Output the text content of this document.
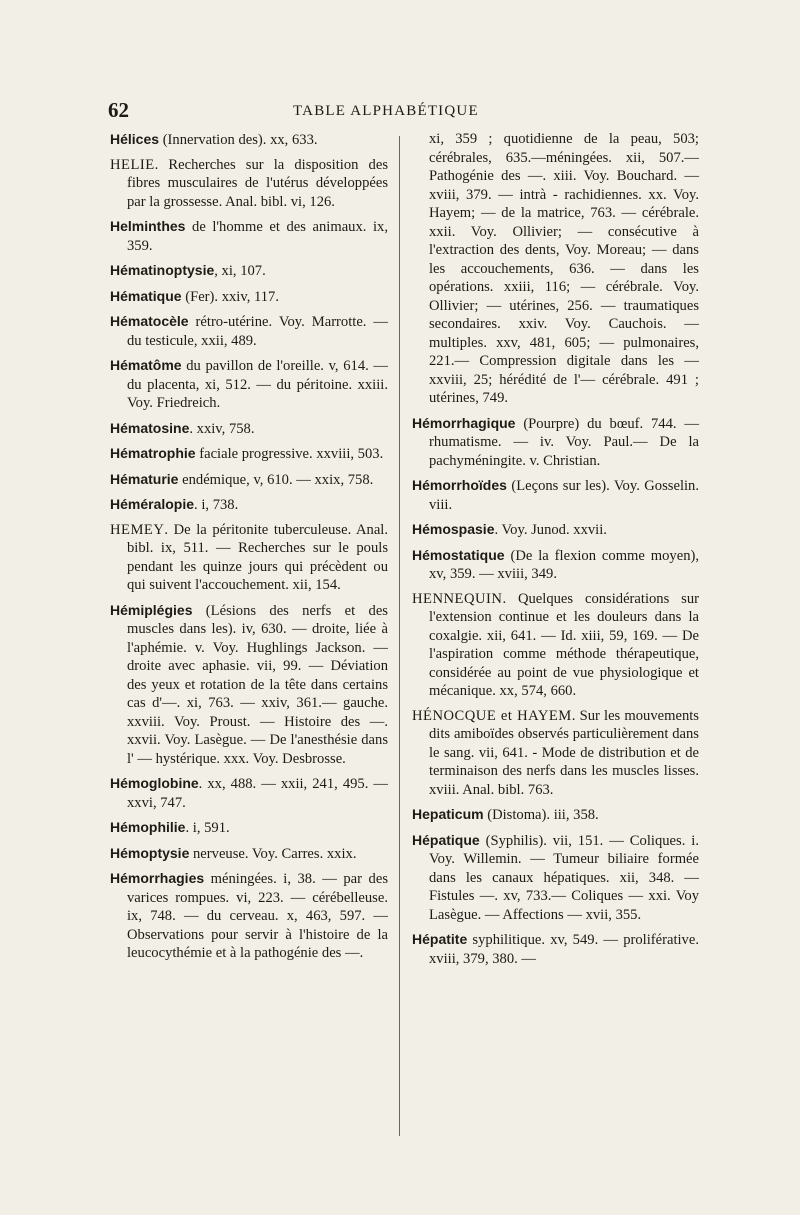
62	TABLE ALPHABÉTIQUE

Hélices (Innervation des). xx, 633.

HELIE. Recherches sur la disposition des fibres musculaires de l'utérus développées par la grossesse. Anal. bibl. vi, 126.

Helminthes de l'homme et des animaux. ix, 359.

Hématinoptysie, xi, 107.

Hématique (Fer). xxiv, 117.

Hématocèle rétro-utérine. Voy. Marrotte. — du testicule, xxii, 489.

Hématôme du pavillon de l'oreille. v, 614. — du placenta, xi, 512. — du péritoine. xxiii. Voy. Friedreich.

Hématosine. xxiv, 758.

Hématrophie faciale progressive. xxviii, 503.

Hématurie endémique, v, 610. — xxix, 758.

Héméralopie. i, 738.

HEMEY. De la péritonite tuberculeuse. Anal. bibl. ix, 511. — Recherches sur le pouls pendant les quinze jours qui précèdent ou qui suivent l'accouchement. xii, 154.

Hémiplégies (Lésions des nerfs et des muscles dans les). iv, 630. — droite, liée à l'aphémie. v. Voy. Hughlings Jackson. — droite avec aphasie. vii, 99. — Déviation des yeux et rotation de la tête dans certains cas d'—. xi, 763. — xxiv, 361.— gauche. xxviii. Voy. Proust. — Histoire des —. xxvii. Voy. Lasègue. — De l'anesthésie dans l' — hystérique. xxx. Voy. Desbrosse.

Hémoglobine. xx, 488. — xxii, 241, 495. — xxvi, 747.

Hémophilie. i, 591.

Hémoptysie nerveuse. Voy. Carres. xxix.

Hémorrhagies méningées. i, 38. — par des varices rompues. vi, 223. — cérébelleuse. ix, 748. — du cerveau. x, 463, 597. — Observations pour servir à l'histoire de la leucocythémie et à la pathogénie des —.

xi, 359 ; quotidienne de la peau, 503; cérébrales, 635.—méningées. xii, 507.— Pathogénie des —. xiii. Voy. Bouchard. — xviii, 379. — intrà - rachidiennes. xx. Voy. Hayem; — de la matrice, 763. — cérébrale. xxii. Voy. Ollivier; — consécutive à l'extraction des dents, Voy. Moreau; — dans les accouchements, 636. — dans les opérations. xxiii, 116; — cérébrale. Voy. Ollivier; — utérines, 256. — traumatiques secondaires. xxiv. Voy. Cauchois. — multiples. xxv, 481, 605; — pulmonaires, 221.— Compression digitale dans les — xxviii, 25; hérédité de l'— cérébrale. 491 ; utérines, 749.

Hémorrhagique (Pourpre) du bœuf. 744. — rhumatisme. — iv. Voy. Paul.— De la pachyméningite. v. Christian.

Hémorrhoïdes (Leçons sur les). Voy. Gosselin. viii.

Hémospasie. Voy. Junod. xxvii.

Hémostatique (De la flexion comme moyen), xv, 359. — xviii, 349.

HENNEQUIN. Quelques considérations sur l'extension continue et les douleurs dans la coxalgie. xii, 641. — Id. xiii, 59, 169. — De l'aspiration comme méthode thérapeutique, considérée au point de vue physiologique et mécanique. xx, 574, 660.

HÉNOCQUE et HAYEM. Sur les mouvements dits amiboïdes observés particulièrement dans le sang. vii, 641. - Mode de distribution et de terminaison des nerfs dans les muscles lisses. xviii. Anal. bibl. 763.

Hepaticum (Distoma). iii, 358.

Hépatique (Syphilis). vii, 151. — Coliques. i. Voy. Willemin. — Tumeur biliaire formée dans les canaux hépatiques. xii, 348. — Fistules —. xv, 733.— Coliques — xxi. Voy Lasègue. — Affections — xvii, 355.

Hépatite syphilitique. xv, 549. — proliférative. xviii, 379, 380. —
